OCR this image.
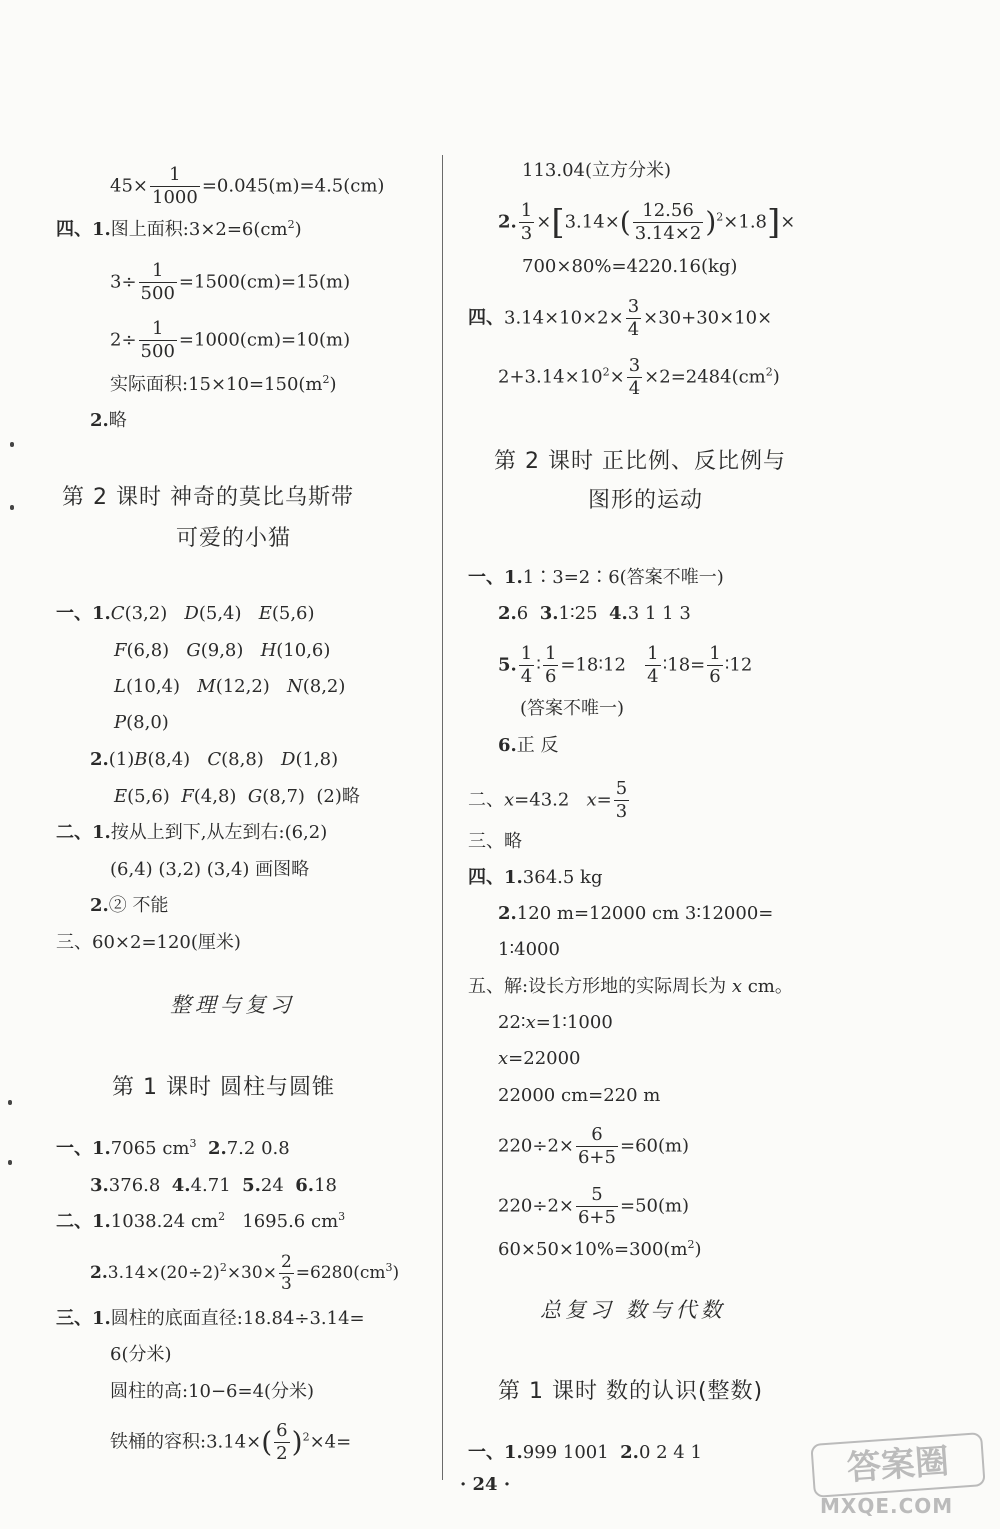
$45\times \frac{1}{1000} =0.045(m)=4.5(cm)$
四、1.图上面积$:3\times 2=6(cm^2)$
$3\div \frac{1}{500} =1500(cm)=15(m)$
$2\div \frac{1}{500} =1000(cm)=10(m)$
实际面积$:15\times 10=150(m^2)$
2.略
第 2 课时 神奇的莫比乌斯带
可爱的小猫
一、1.C(3,2) D(5,4) E(5,6)
F(6,8) G(9,8) H(10,6)
L(10,4) M(12,2) N(8,2)
P(8,0)
2.(1)B(8,4) C(8,8) D(1,8)
E(5,6) F(4,8) G(8,7) (2)略
二、1.按从上到下,从左到右:(6,2)
(6,4) (3,2) (3,4) 画图略
2.② 不能
三、60×2=120(厘米)
整理与复习
第 1 课时 圆柱与圆锥
一、1.7065 $cm^3$ 2.7.2 0.8
3.376.8 4.4.71 5.24 6.18
二、1.1038.24 $cm^2$ 1695.6 $cm^3$
$2.3.14\times(20\div 2)^2\times 30\times \frac{2}{3} =6280(cm^3)$
三、1.圆柱的底面直径:18.84÷3.14=
6(分米)
圆柱的高:10−6=4(分米)
铁桶的容积:3.14×( $\frac{6}{2} )^2\times 4=$
113.04(立方分米)
2. $\frac{1}{3} \times[3.14\times( \frac{12.56}{3.14\times 2} )^2\times 1.8]\times$
700×80%=4220.16(kg)
四、$3.14\times 10\times 2\times \frac{3}{4} \times 30+30\times 10\times$
$2+3.14\times 10^2\times \frac{3}{4} \times 2=2484(cm^2)$
第 2 课时 正比例、反比例与
图形的运动
一、1.1∶3=2∶6(答案不唯一)
2.6 3.1∶25 4.3 1 1 3
5. $\frac{1}{4}$ ∶ $\frac{1}{6}$ =18∶12 $\frac{1}{4}$ ∶18= $\frac{1}{6}$ ∶12
(答案不唯一)
6.正 反
二、x=43.2 $x= \frac{5}{3}$
三、略
四、1.364.5 kg
2.120 m=12000 cm 3∶12000=
1∶4000
五、解:设长方形地的实际周长为 x cm。
22∶x=1∶1000
x=22000
22000 cm=220 m
$220\div 2\times \frac{6}{6+5} =60(m)$
$220\div 2\times \frac{5}{6+5} =50(m)$
$60\times 50\times 10\%=300(m^2)$
总复习 数与代数
第 1 课时 数的认识(整数)
一、1.999 1001 2.0 2 4 1
· 24 ·	答案圈
MXQE.COM
